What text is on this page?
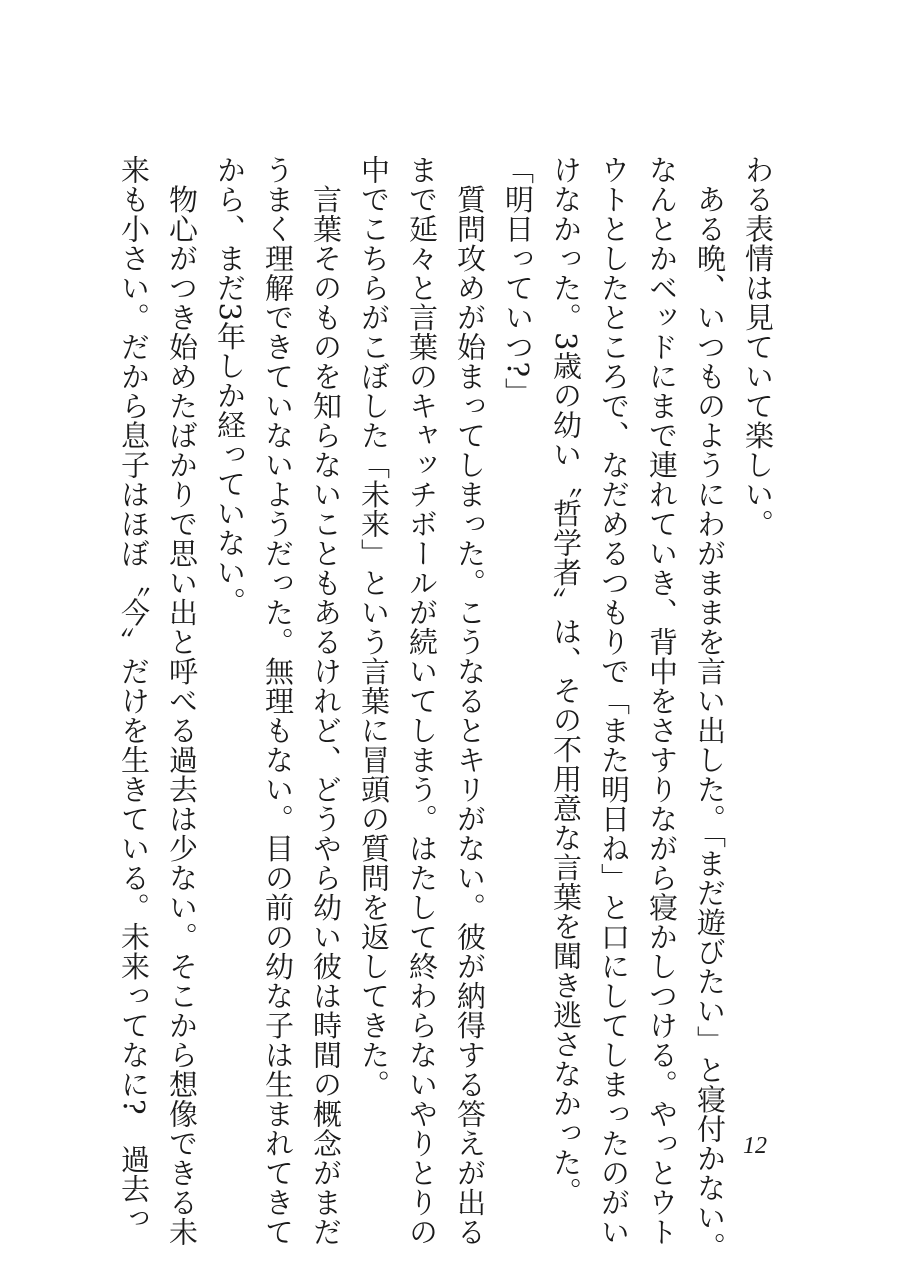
わる表情は見ていて楽しい。
　ある晩、いつものようにわがままを言い出した。「まだ遊びたい」と寝付かない。
なんとかベッドにまで連れていき、背中をさすりながら寝かしつける。やっとウト
ウトとしたところで、なだめるつもりで「また明日ね」と口にしてしまったのがい
けなかった。3歳の幼い〝哲学者〟は、その不用意な言葉を聞き逃さなかった。
「明日っていつ?」
　質問攻めが始まってしまった。こうなるとキリがない。彼が納得する答えが出る
まで延々と言葉のキャッチボールが続いてしまう。はたして終わらないやりとりの
中でこちらがこぼした「未来」という言葉に冒頭の質問を返してきた。
　言葉そのものを知らないこともあるけれど、どうやら幼い彼は時間の概念がまだ
うまく理解できていないようだった。無理もない。目の前の幼な子は生まれてきて
から、まだ3年しか経っていない。
　物心がつき始めたばかりで思い出と呼べる過去は少ない。そこから想像できる未
来も小さい。だから息子はほぼ〝今〟だけを生きている。未来ってなに?　過去っ	12
